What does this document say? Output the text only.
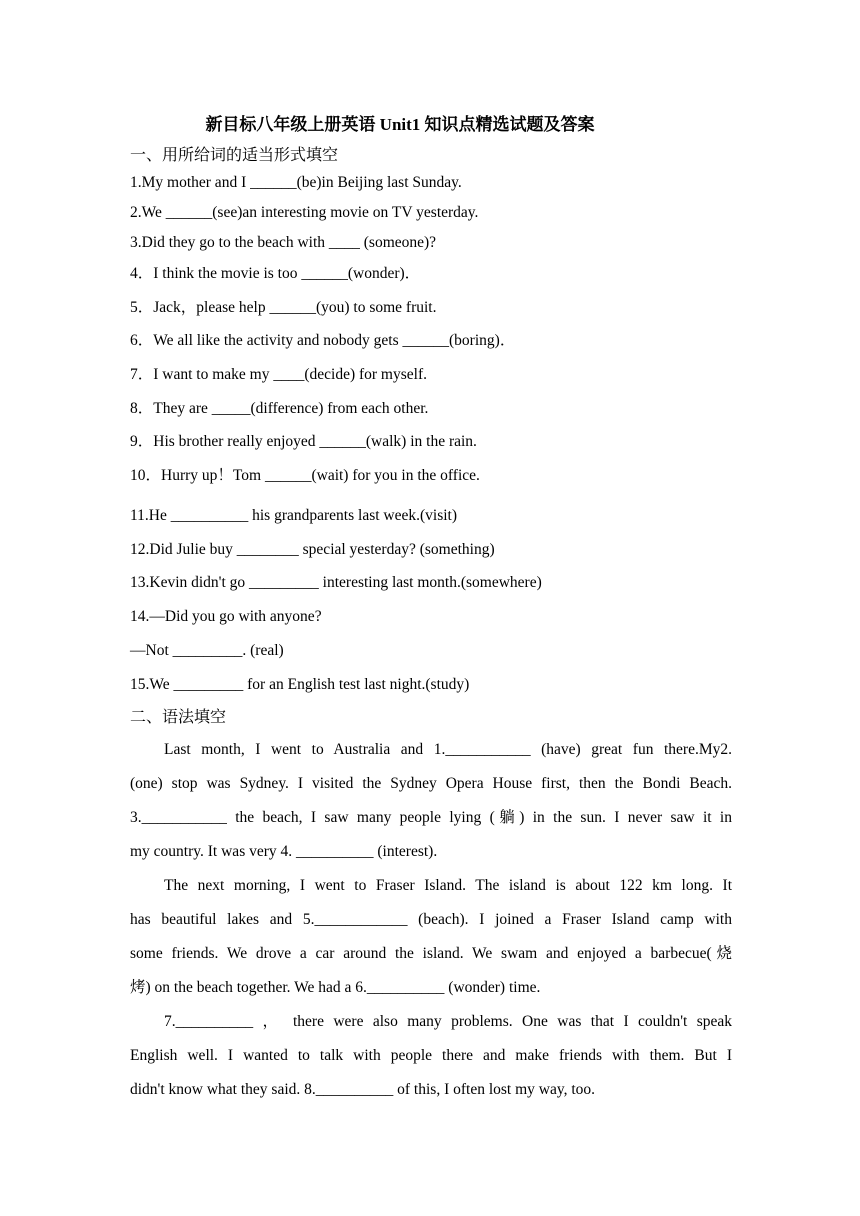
新目标八年级上册英语 Unit1 知识点精选试题及答案
一、用所给词的适当形式填空
1.My mother and I ______(be)in Beijing last Sunday.
2.We ______(see)an interesting movie on TV yesterday.
3.Did they go to the beach with ____ (someone)?
4．I think the movie is too ______(wonder)．
5．Jack，please help ______(you) to some fruit.
6．We all like the activity and nobody gets ______(boring)．
7．I want to make my ____(decide) for myself.
8．They are _____(difference) from each other.
9．His brother really enjoyed ______(walk) in the rain.
10．Hurry up！Tom ______(wait) for you in the office.
11.He __________ his grandparents last week.(visit)
12.Did Julie buy ________ special yesterday? (something)
13.Kevin didn't go _________ interesting last month.(somewhere)
14.—Did you go with anyone?
—Not _________. (real)
15.We _________ for an English test last night.(study)
二、语法填空
Last month, I went to Australia and 1.___________ (have) great fun there.My2.
(one) stop was Sydney. I visited the Sydney Opera House first, then the Bondi Beach.
3.___________ the beach, I saw many people lying (躺) in the sun. I never saw it in
my country. It was very 4. __________ (interest).
The next morning, I went to Fraser Island. The island is about 122 km long. It
has beautiful lakes and 5.____________ (beach). I joined a Fraser Island camp with
some friends. We drove a car around the island. We swam and enjoyed a barbecue(烧
烤) on the beach together. We had a 6.__________ (wonder) time.
7.__________ ， there were also many problems. One was that I couldn't speak
English well. I wanted to talk with people there and make friends with them. But I
didn't know what they said. 8.__________ of this, I often lost my way, too.
